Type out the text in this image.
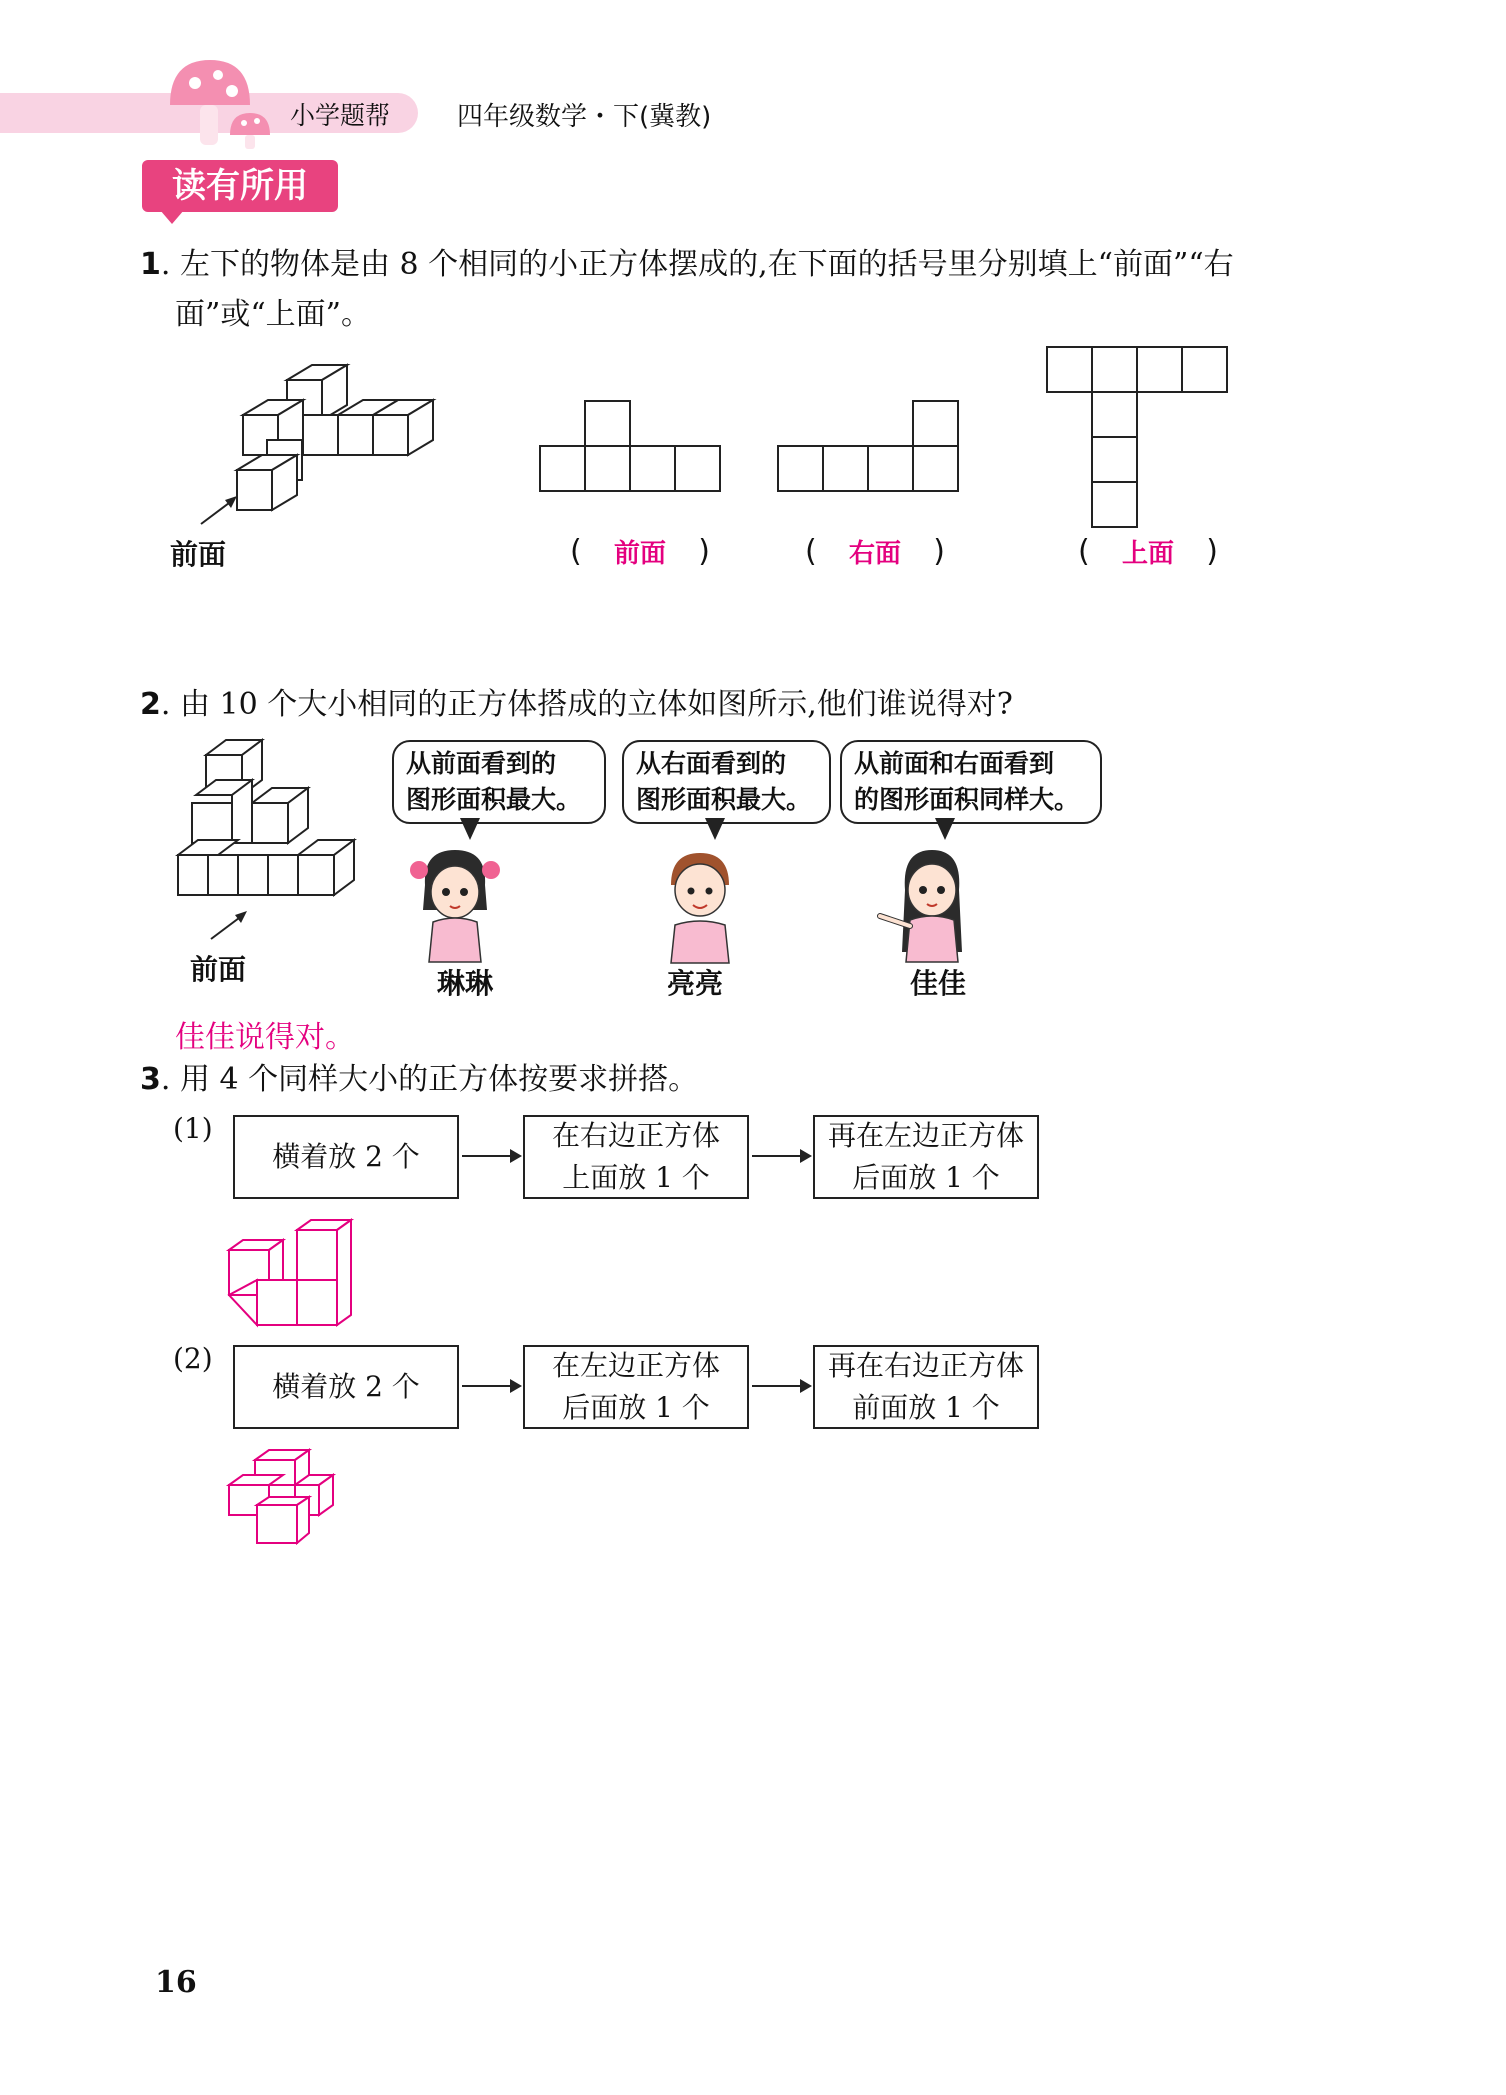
小学题帮	四年级数学・下(冀教)
读有所用
1. 左下的物体是由 8 个相同的小正方体摆成的,在下面的括号里分别填上“前面”“右
面”或“上面”。
前面	( 前面 )	( 右面 )	( 上面 )
2. 由 10 个大小相同的正方体搭成的立体如图所示,他们谁说得对?
前面
从前面看到的
图形面积最大。
从右面看到的
图形面积最大。
从前面和右面看到
的图形面积同样大。
琳琳	亮亮	佳佳
佳佳说得对。
3. 用 4 个同样大小的正方体按要求拼搭。
(1)
横着放 2 个
在右边正方体
上面放 1 个
再在左边正方体
后面放 1 个
(2)
横着放 2 个
在左边正方体
后面放 1 个
再在右边正方体
前面放 1 个
16
